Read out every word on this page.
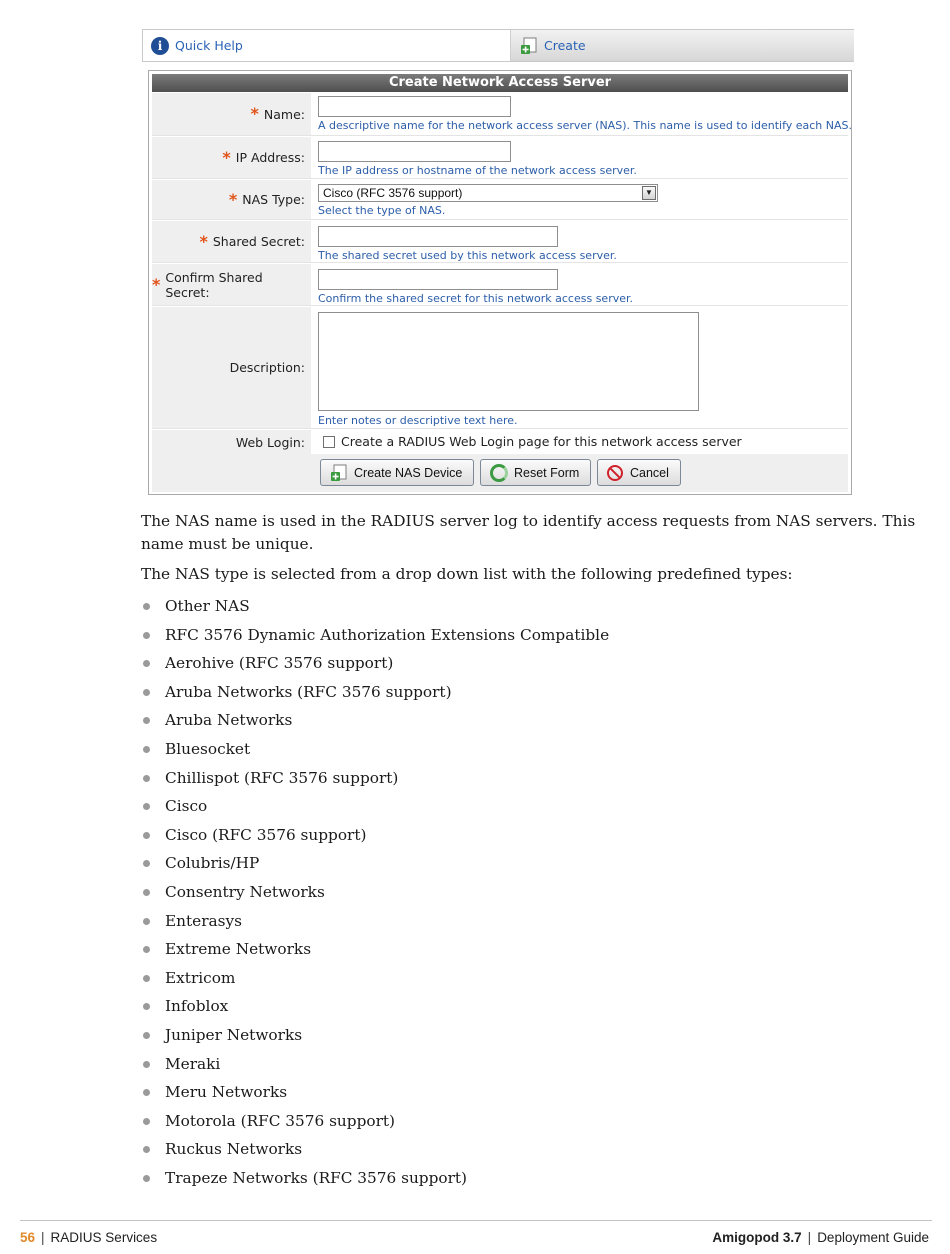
i	Quick Help	Create
Create Network Access Server
* Name:
A descriptive name for the network access server (NAS). This name is used to identify each NAS.
* IP Address:
The IP address or hostname of the network access server.
* NAS Type:	Cisco (RFC 3576 support)	▼
Select the type of NAS.
* Shared Secret:
The shared secret used by this network access server.
* Confirm Shared Secret:	Confirm the shared secret for this network access server.
Description:
Enter notes or descriptive text here.
Web Login:	Create a RADIUS Web Login page for this network access server
Create NAS Device	Reset Form	Cancel

The NAS name is used in the RADIUS server log to identify access requests from NAS servers. This name must be unique.

The NAS type is selected from a drop down list with the following predefined types:

Other NAS
RFC 3576 Dynamic Authorization Extensions Compatible
Aerohive (RFC 3576 support)
Aruba Networks (RFC 3576 support)
Aruba Networks
Bluesocket
Chillispot (RFC 3576 support)
Cisco
Cisco (RFC 3576 support)
Colubris/HP
Consentry Networks
Enterasys
Extreme Networks
Extricom
Infoblox
Juniper Networks
Meraki
Meru Networks
Motorola (RFC 3576 support)
Ruckus Networks
Trapeze Networks (RFC 3576 support)
56 | RADIUS Services	Amigopod 3.7 | Deployment Guide
